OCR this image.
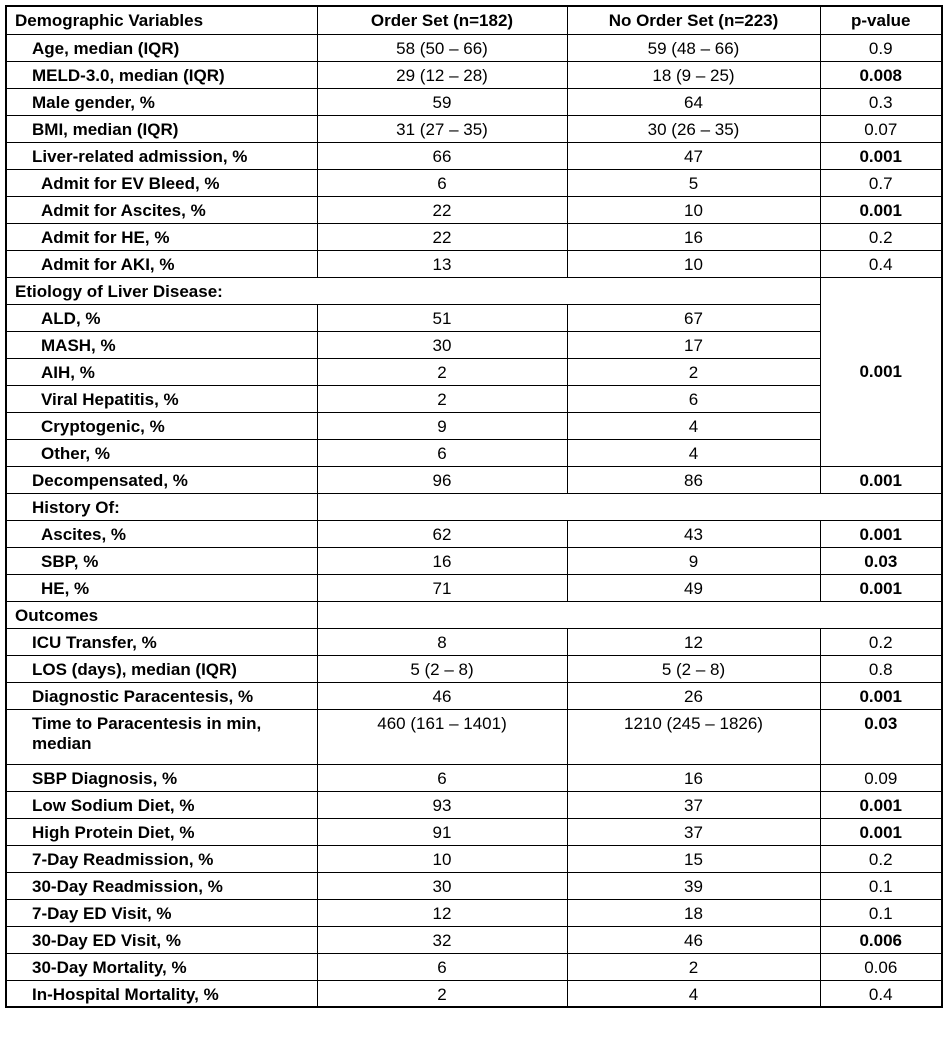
Demographic Variables	Order Set (n=182)	No Order Set (n=223)	p-value
Age, median (IQR)	58 (50 – 66)	59 (48 – 66)	0.9
MELD-3.0, median (IQR)	29 (12 – 28)	18 (9 – 25)	0.008
Male gender, %	59	64	0.3
BMI, median (IQR)	31 (27 – 35)	30 (26 – 35)	0.07
Liver-related admission, %	66	47	0.001
Admit for EV Bleed, %	6	5	0.7
Admit for Ascites, %	22	10	0.001
Admit for HE, %	22	16	0.2
Admit for AKI, %	13	10	0.4
Etiology of Liver Disease:			0.001
ALD, %	51	67	
MASH, %	30	17	
AIH, %	2	2	
Viral Hepatitis, %	2	6	
Cryptogenic, %	9	4	
Other, %	6	4	
Decompensated, %	96	86	0.001
History Of:			
Ascites, %	62	43	0.001
SBP, %	16	9	0.03
HE, %	71	49	0.001
Outcomes			
ICU Transfer, %	8	12	0.2
LOS (days), median (IQR)	5 (2 – 8)	5 (2 – 8)	0.8
Diagnostic Paracentesis, %	46	26	0.001
Time to Paracentesis in min, median	460 (161 – 1401)	1210 (245 – 1826)	0.03
SBP Diagnosis, %	6	16	0.09
Low Sodium Diet, %	93	37	0.001
High Protein Diet, %	91	37	0.001
7-Day Readmission, %	10	15	0.2
30-Day Readmission, %	30	39	0.1
7-Day ED Visit, %	12	18	0.1
30-Day ED Visit, %	32	46	0.006
30-Day Mortality, %	6	2	0.06
In-Hospital Mortality, %	2	4	0.4
